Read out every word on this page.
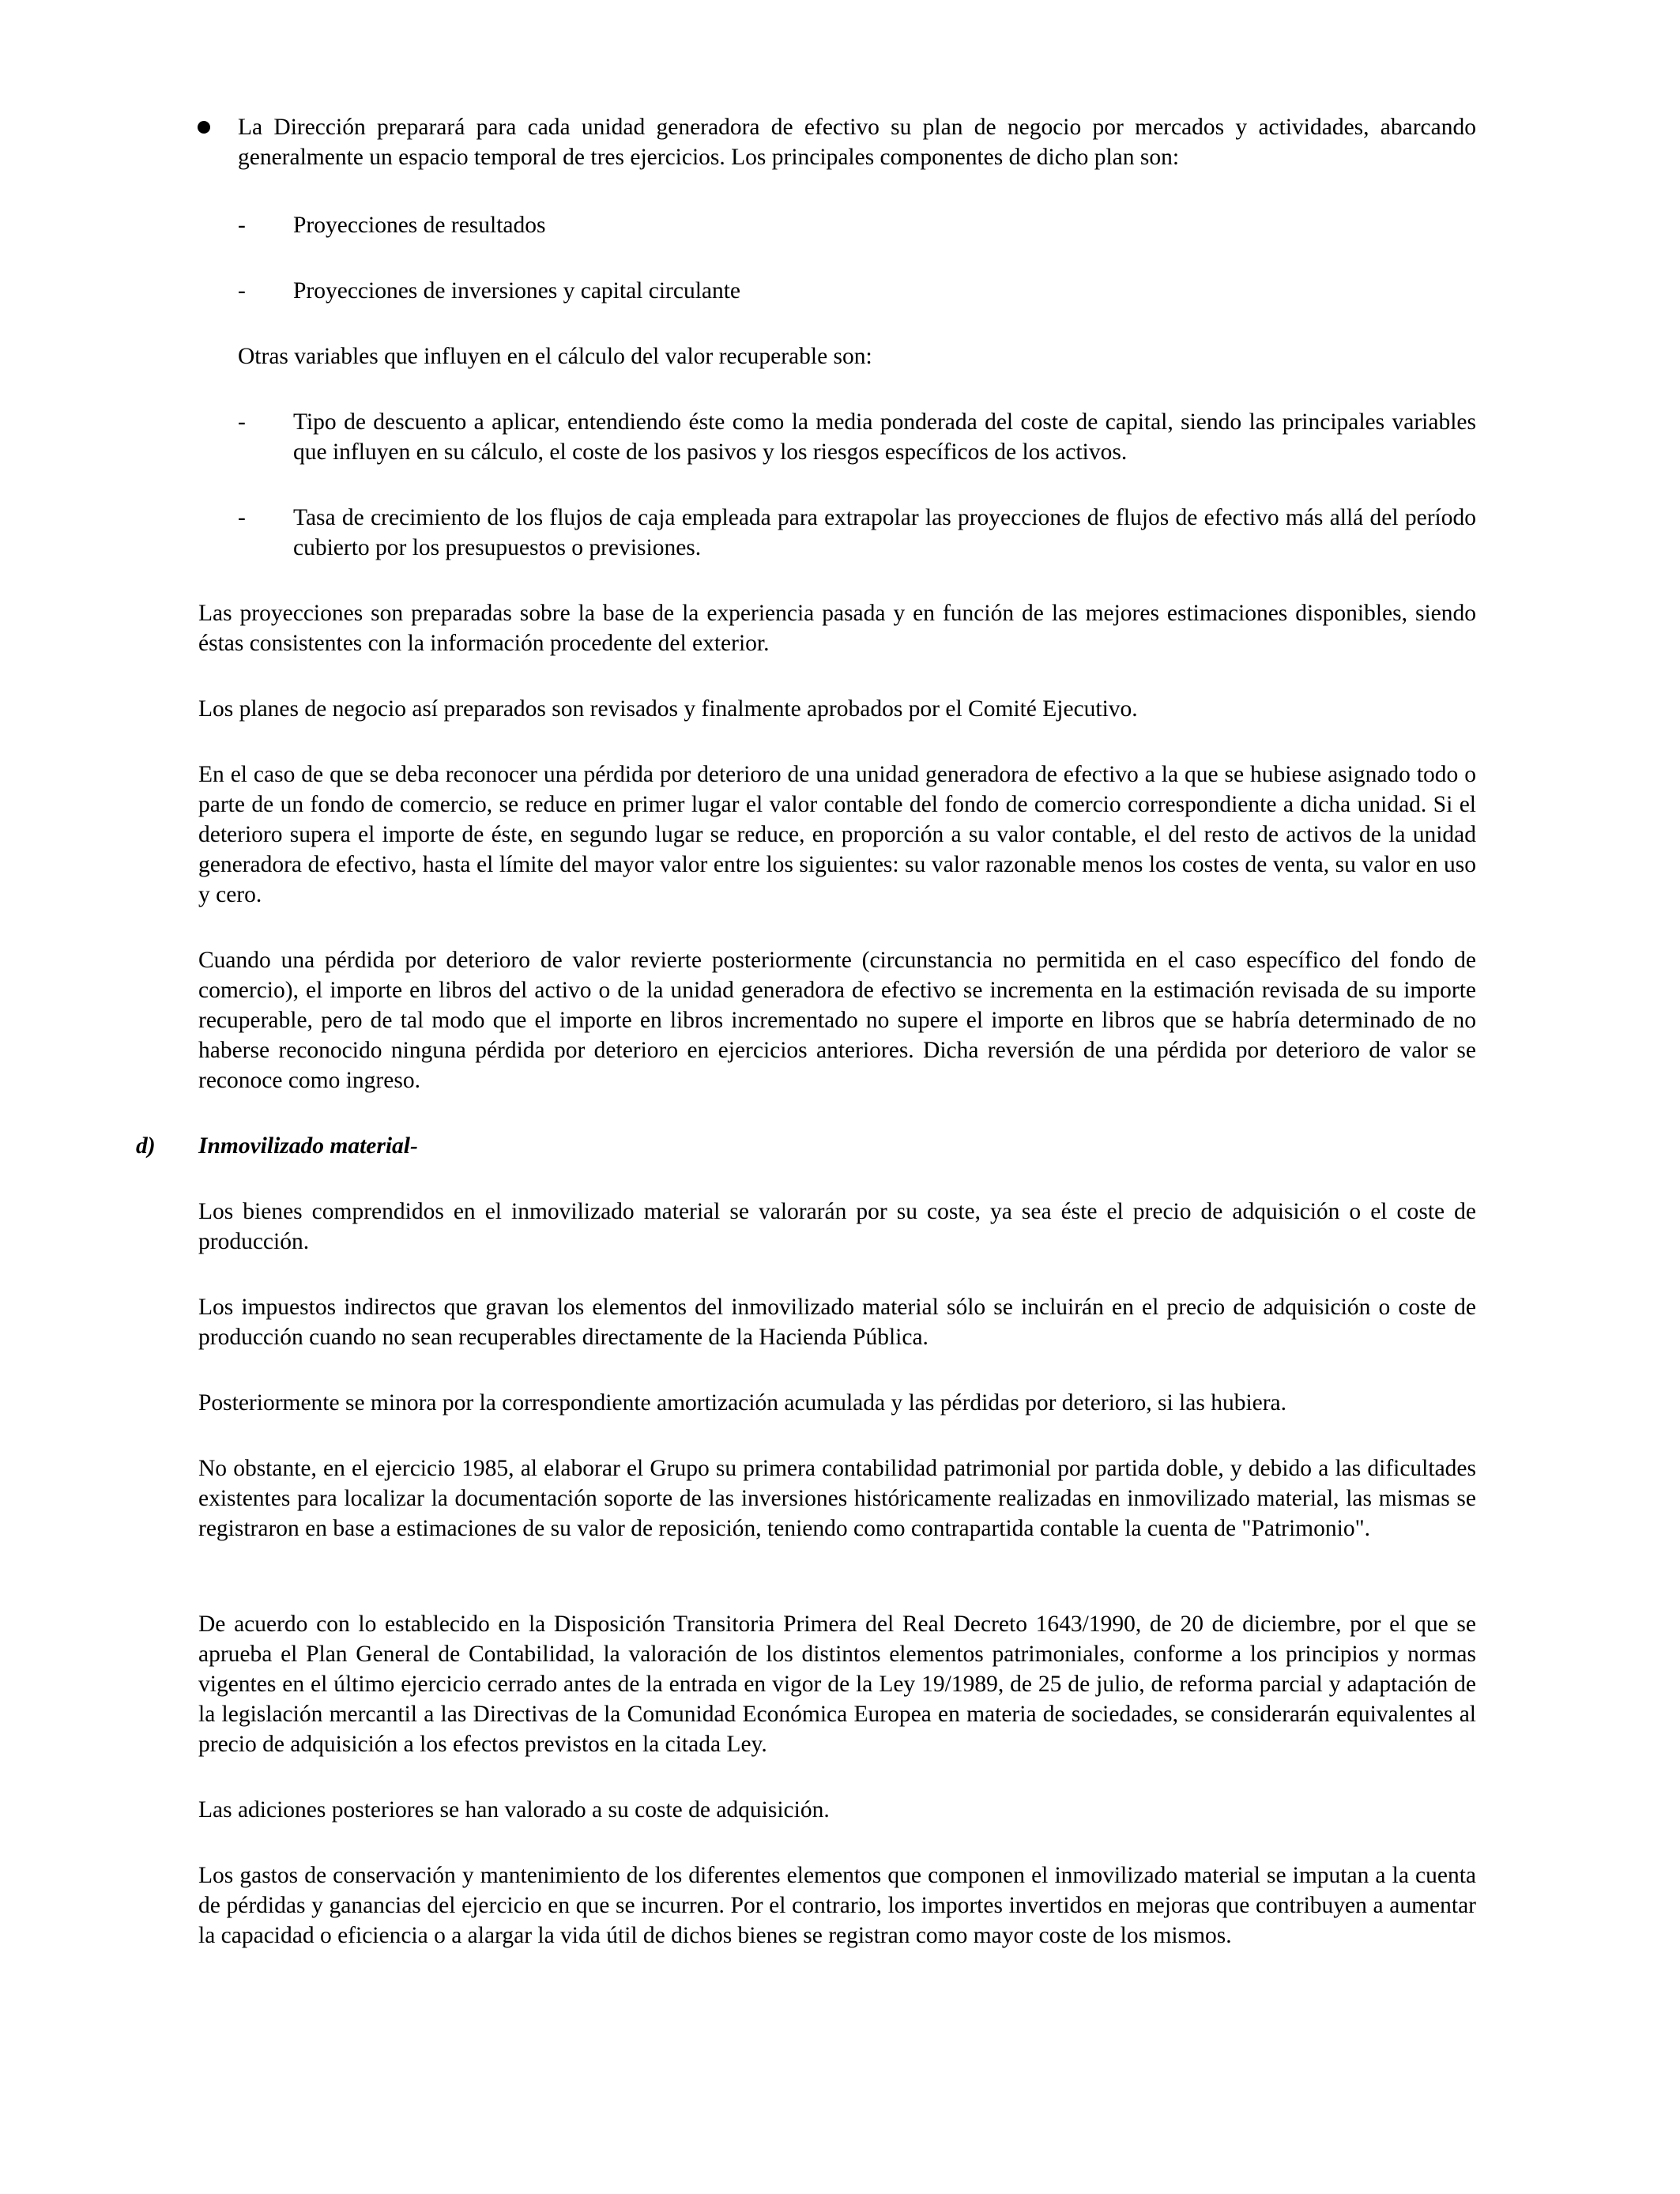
La Dirección preparará para cada unidad generadora de efectivo su plan de negocio por mercados y actividades, abarcando generalmente un espacio temporal de tres ejercicios. Los principales componentes de dicho plan son:
- Proyecciones de resultados
- Proyecciones de inversiones y capital circulante
Otras variables que influyen en el cálculo del valor recuperable son:
- Tipo de descuento a aplicar, entendiendo éste como la media ponderada del coste de capital, siendo las principales variables que influyen en su cálculo, el coste de los pasivos y los riesgos específicos de los activos.
- Tasa de crecimiento de los flujos de caja empleada para extrapolar las proyecciones de flujos de efectivo más allá del período cubierto por los presupuestos o previsiones.
Las proyecciones son preparadas sobre la base de la experiencia pasada y en función de las mejores estimaciones disponibles, siendo éstas consistentes con la información procedente del exterior.
Los planes de negocio así preparados son revisados y finalmente aprobados por el Comité Ejecutivo.
En el caso de que se deba reconocer una pérdida por deterioro de una unidad generadora de efectivo a la que se hubiese asignado todo o parte de un fondo de comercio, se reduce en primer lugar el valor contable del fondo de comercio correspondiente a dicha unidad. Si el deterioro supera el importe de éste, en segundo lugar se reduce, en proporción a su valor contable, el del resto de activos de la unidad generadora de efectivo, hasta el límite del mayor valor entre los siguientes: su valor razonable menos los costes de venta, su valor en uso y cero.
Cuando una pérdida por deterioro de valor revierte posteriormente (circunstancia no permitida en el caso específico del fondo de comercio), el importe en libros del activo o de la unidad generadora de efectivo se incrementa en la estimación revisada de su importe recuperable, pero de tal modo que el importe en libros incrementado no supere el importe en libros que se habría determinado de no haberse reconocido ninguna pérdida por deterioro en ejercicios anteriores. Dicha reversión de una pérdida por deterioro de valor se reconoce como ingreso.
d) Inmovilizado material-
Los bienes comprendidos en el inmovilizado material se valorarán por su coste, ya sea éste el precio de adquisición o el coste de producción.
Los impuestos indirectos que gravan los elementos del inmovilizado material sólo se incluirán en el precio de adquisición o coste de producción cuando no sean recuperables directamente de la Hacienda Pública.
Posteriormente se minora por la correspondiente amortización acumulada y las pérdidas por deterioro, si las hubiera.
No obstante, en el ejercicio 1985, al elaborar el Grupo su primera contabilidad patrimonial por partida doble, y debido a las dificultades existentes para localizar la documentación soporte de las inversiones históricamente realizadas en inmovilizado material, las mismas se registraron en base a estimaciones de su valor de reposición, teniendo como contrapartida contable la cuenta de "Patrimonio".
De acuerdo con lo establecido en la Disposición Transitoria Primera del Real Decreto 1643/1990, de 20 de diciembre, por el que se aprueba el Plan General de Contabilidad, la valoración de los distintos elementos patrimoniales, conforme a los principios y normas vigentes en el último ejercicio cerrado antes de la entrada en vigor de la Ley 19/1989, de 25 de julio, de reforma parcial y adaptación de la legislación mercantil a las Directivas de la Comunidad Económica Europea en materia de sociedades, se considerarán equivalentes al precio de adquisición a los efectos previstos en la citada Ley.
Las adiciones posteriores se han valorado a su coste de adquisición.
Los gastos de conservación y mantenimiento de los diferentes elementos que componen el inmovilizado material se imputan a la cuenta de pérdidas y ganancias del ejercicio en que se incurren. Por el contrario, los importes invertidos en mejoras que contribuyen a aumentar la capacidad o eficiencia o a alargar la vida útil de dichos bienes se registran como mayor coste de los mismos.
